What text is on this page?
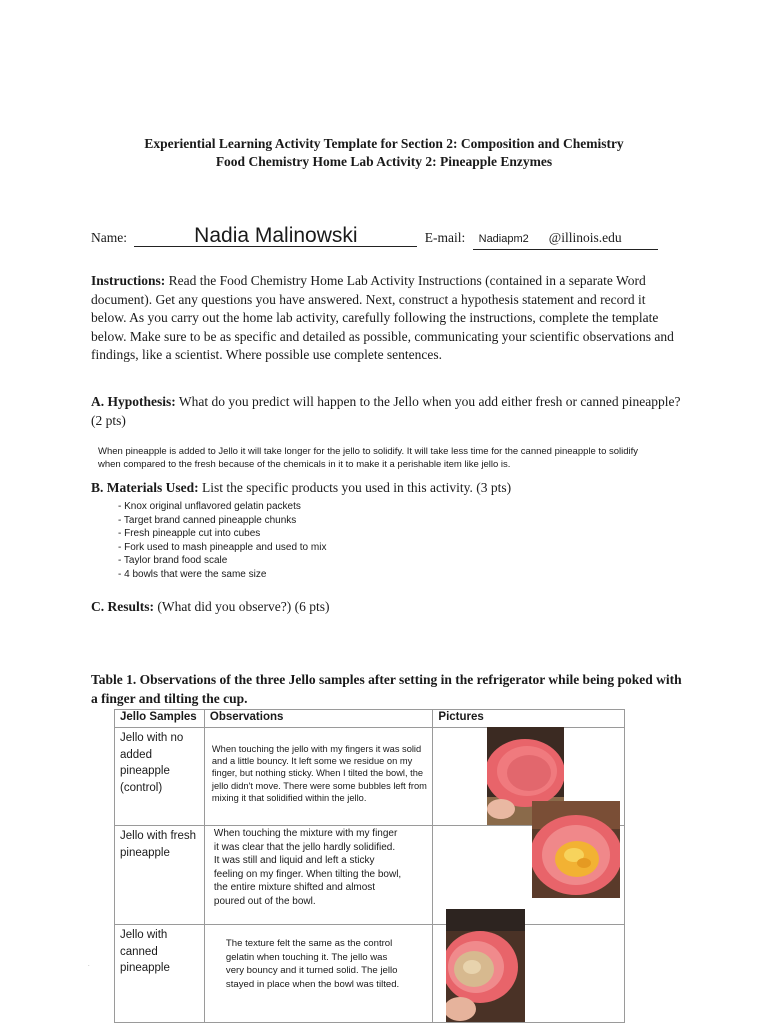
Experiential Learning Activity Template for Section 2: Composition and Chemistry
Food Chemistry Home Lab Activity 2: Pineapple Enzymes
Name:	Nadia Malinowski	E-mail: Nadiapm2 @illinois.edu
Instructions: Read the Food Chemistry Home Lab Activity Instructions (contained in a separate Word document). Get any questions you have answered. Next, construct a hypothesis statement and record it below. As you carry out the home lab activity, carefully following the instructions, complete the template below. Make sure to be as specific and detailed as possible, communicating your scientific observations and findings, like a scientist. Where possible use complete sentences.
A. Hypothesis: What do you predict will happen to the Jello when you add either fresh or canned pineapple? (2 pts)
When pineapple is added to Jello it will take longer for the jello to solidify. It will take less time for the canned pineapple to solidify when compared to the fresh because of the chemicals in it to make it a perishable item like jello is.
B. Materials Used: List the specific products you used in this activity. (3 pts)
- Knox original unflavored gelatin packets
- Target brand canned pineapple chunks
- Fresh pineapple cut into cubes
- Fork used to mash pineapple and used to mix
- Taylor brand food scale
- 4 bowls that were the same size
C. Results: (What did you observe?) (6 pts)
Table 1. Observations of the three Jello samples after setting in the refrigerator while being poked with a finger and tilting the cup.
Jello Samples	Observations	Pictures
Jello with no added pineapple (control)	When touching the jello with my fingers it was solid and a little bouncy. It left some we residue on my finger, but nothing sticky. When I tilted the bowl, the jello didn't move. There were some bubbles left from mixing it that solidified within the jello.	

Jello with fresh pineapple	When touching the mixture with my finger it was clear that the jello hardly solidified. It was still and liquid and left a sticky feeling on my finger. When tilting the bowl, the entire mixture shifted and almost poured out of the bowl.	

Jello with canned pineapple	The texture felt the same as the control gelatin when touching it. The jello was very bouncy and it turned solid. The jello stayed in place when the bowl was tilted.	

.
